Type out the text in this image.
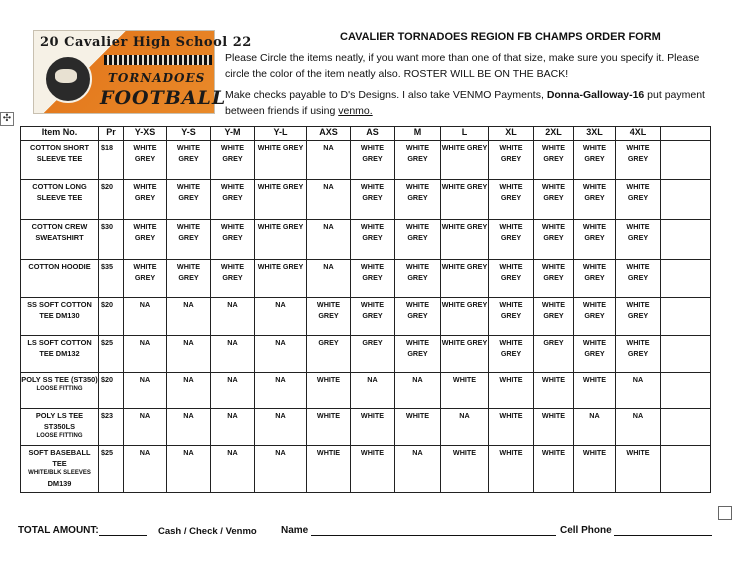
20 Cavalier High School 22
TORNADOES
FOOTBALL
CAVALIER TORNADOES REGION FB CHAMPS ORDER FORM
Please Circle the items neatly, if you want more than one of that size, make sure you specify it. Please circle the color of the item neatly also. ROSTER WILL BE ON THE BACK!
Make checks payable to D's Designs. I also take VENMO Payments, Donna-Galloway-16 put payment between friends if using venmo.
✣
Item No.	Pr	Y-XS	Y-S	Y-M	Y-L	AXS	AS	M	L	XL	2XL	3XL	4XL	
COTTON SHORT SLEEVE TEE	$18	WHITE GREY	WHITE GREY	WHITE GREY	WHITE GREY	NA	WHITE GREY	WHITE GREY	WHITE GREY	WHITE GREY	WHITE GREY	WHITE GREY	WHITE GREY	
COTTON LONG SLEEVE TEE	$20	WHITE GREY	WHITE GREY	WHITE GREY	WHITE GREY	NA	WHITE GREY	WHITE GREY	WHITE GREY	WHITE GREY	WHITE GREY	WHITE GREY	WHITE GREY	
COTTON CREW SWEATSHIRT	$30	WHITE GREY	WHITE GREY	WHITE GREY	WHITE GREY	NA	WHITE GREY	WHITE GREY	WHITE GREY	WHITE GREY	WHITE GREY	WHITE GREY	WHITE GREY	
COTTON HOODIE	$35	WHITE GREY	WHITE GREY	WHITE GREY	WHITE GREY	NA	WHITE GREY	WHITE GREY	WHITE GREY	WHITE GREY	WHITE GREY	WHITE GREY	WHITE GREY	
SS SOFT COTTON TEE DM130	$20	NA	NA	NA	NA	WHITE GREY	WHITE GREY	WHITE GREY	WHITE GREY	WHITE GREY	WHITE GREY	WHITE GREY	WHITE GREY	
LS SOFT COTTON TEE DM132	$25	NA	NA	NA	NA	GREY	GREY	WHITE GREY	WHITE GREY	WHITE GREY	GREY	WHITE GREY	WHITE GREY	
POLY SS TEE (ST350)
LOOSE FITTING	$20	NA	NA	NA	NA	WHITE	NA	NA	WHITE	WHITE	WHITE	WHITE	NA	
POLY LS TEE ST350LS
LOOSE FITTING	$23	NA	NA	NA	NA	WHITE	WHITE	WHITE	NA	WHITE	WHITE	NA	NA	
SOFT BASEBALL TEE
WHITE/BLK SLEEVES
DM139	$25	NA	NA	NA	NA	WHTIE	WHITE	NA	WHITE	WHITE	WHITE	WHITE	WHITE	
TOTAL AMOUNT:	Cash / Check / Venmo Name	Cell Phone
